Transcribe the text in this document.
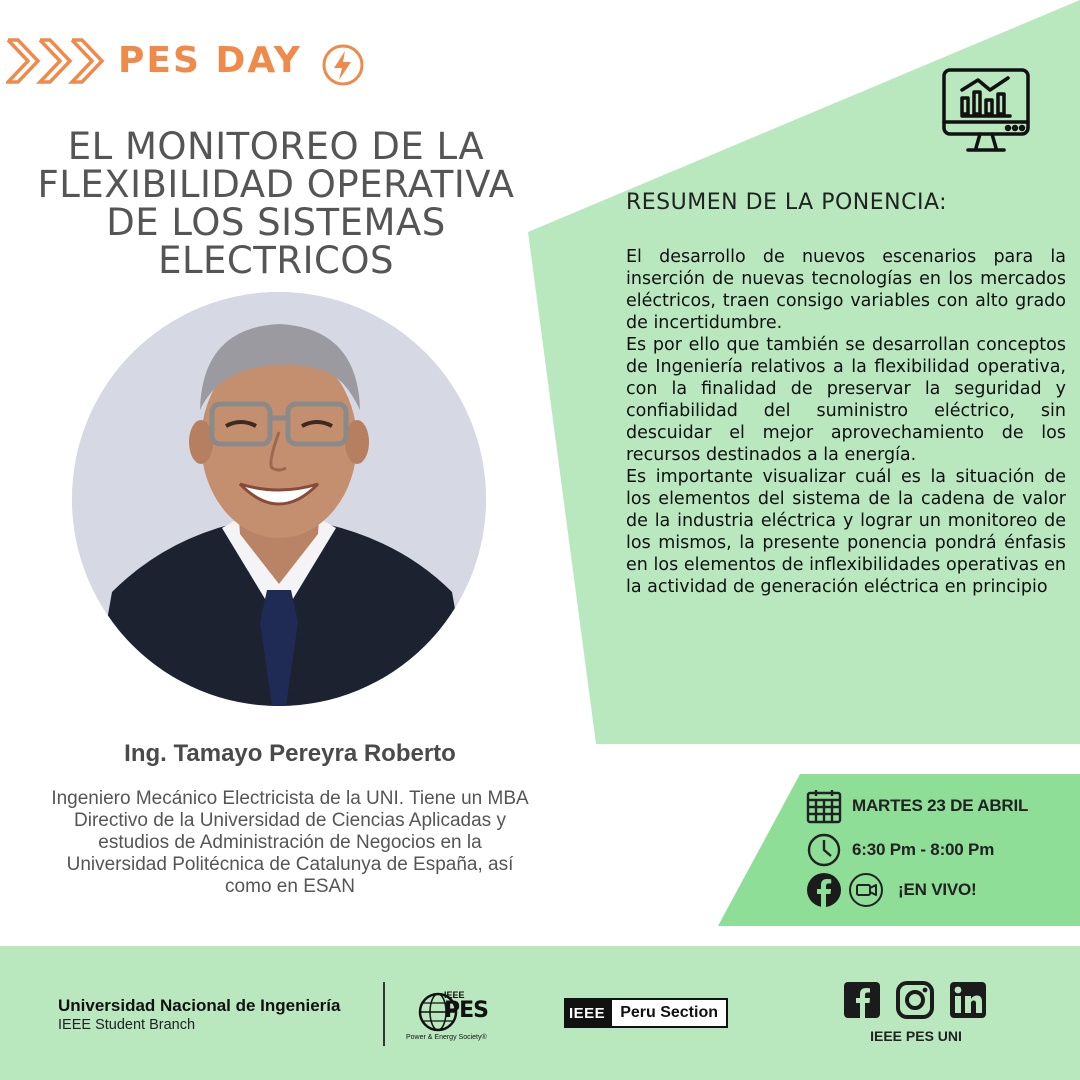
PES DAY
EL MONITOREO DE LA
FLEXIBILIDAD OPERATIVA
DE LOS SISTEMAS
ELECTRICOS
Ing. Tamayo Pereyra Roberto
Ingeniero Mecánico Electricista de la UNI. Tiene un MBA Directivo de la Universidad de Ciencias Aplicadas y estudios de Administración de Negocios en la Universidad Politécnica de Catalunya de España, así como en ESAN
RESUMEN DE LA PONENCIA:

El desarrollo de nuevos escenarios para la inserción de nuevas tecnologías en los mercados eléctricos, traen consigo variables con alto grado de incertidumbre.

Es por ello que también se desarrollan conceptos de Ingeniería relativos a la flexibilidad operativa, con la finalidad de preservar la seguridad y confiabilidad del suministro eléctrico, sin descuidar el mejor aprovechamiento de los recursos destinados a la energía.

Es importante visualizar cuál es la situación de los elementos del sistema de la cadena de valor de la industria eléctrica y lograr un monitoreo de los mismos, la presente ponencia pondrá énfasis en los elementos de inflexibilidades operativas en la actividad de generación eléctrica en principio

MARTES 23 DE ABRIL
6:30 Pm - 8:00 Pm
¡EN VIVO!
Universidad Nacional de Ingeniería
IEEE Student Branch
IEEE
PES
Power & Energy Society®
IEEE Peru Section
IEEE PES UNI
